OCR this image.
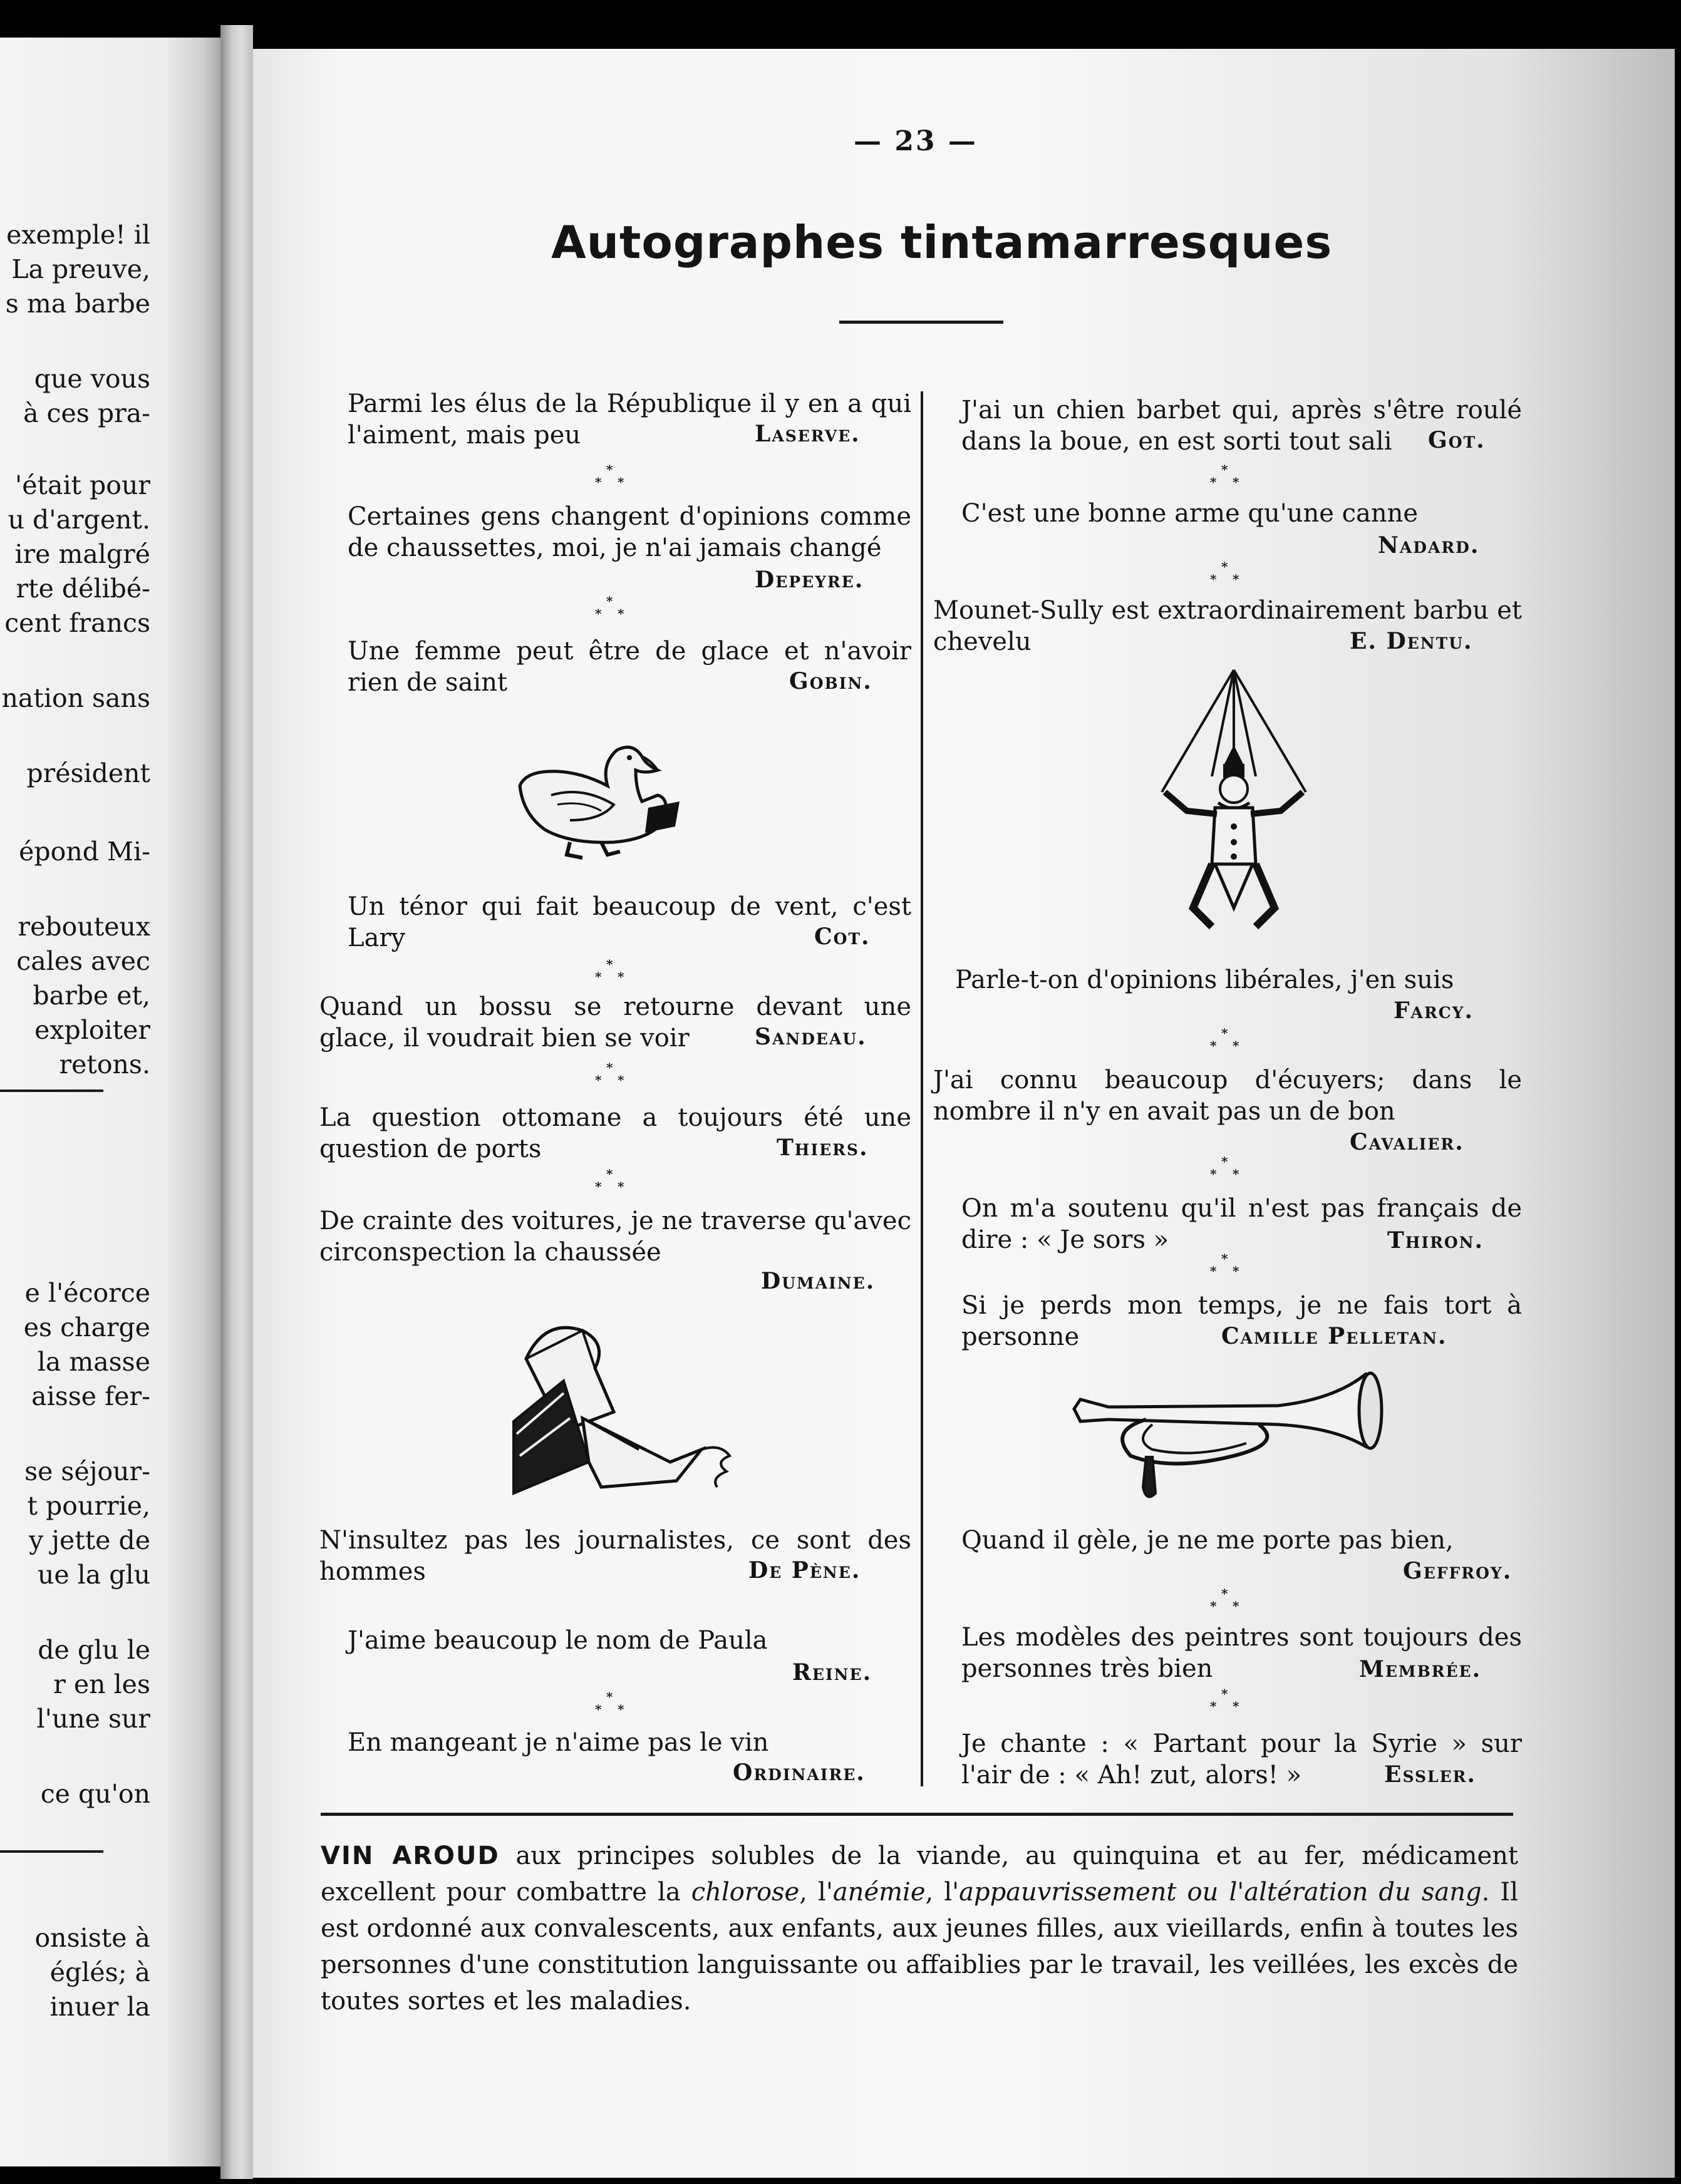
exemple! il
La preuve,
s ma barbe
que vous
à ces pra-
'était pour
u d'argent.
ire malgré
rte délibé-
cent francs
nation sans
président
épond Mi-
rebouteux
cales avec
barbe et,
exploiter
retons.
e l'écorce
es charge
la masse
aisse fer-
se séjour-
t pourrie,
y jette de
ue la glu
de glu le
r en les
l'une sur
ce qu'on
onsiste à
églés; à
inuer la
— 23 —
Autographes tintamarresques
Parmi les élus de la République il y en a qui l'aiment, mais peu	Laserve.
*
* *
Certaines gens changent d'opinions comme de chaussettes, moi, je n'ai jamais changé
Depeyre.
*
* *
Une femme peut être de glace et n'avoir rien de saint	Gobin.
Un ténor qui fait beaucoup de vent, c'est Lary	Cot.
*
* *
Quand un bossu se retourne devant une glace, il voudrait bien se voir	Sandeau.
*
* *
La question ottomane a toujours été une question de ports	Thiers.
*
* *
De crainte des voitures, je ne traverse qu'avec circonspection la chaussée
Dumaine.
N'insultez pas les journalistes, ce sont des hommes	De Pène.
J'aime beaucoup le nom de Paula
Reine.
*
* *
En mangeant je n'aime pas le vin
Ordinaire.
J'ai un chien barbet qui, après s'être roulé dans la boue, en est sorti tout sali	Got.
*
* *
C'est une bonne arme qu'une canne
Nadard.
*
* *
Mounet-Sully est extraordinairement barbu et chevelu	E. Dentu.
Parle-t-on d'opinions libérales, j'en suis
Farcy.
*
* *
J'ai connu beaucoup d'écuyers; dans le nombre il n'y en avait pas un de bon
Cavalier.
*
* *
On m'a soutenu qu'il n'est pas français de dire : « Je sors »	Thiron.
*
* *
Si je perds mon temps, je ne fais tort à personne	Camille Pelletan.
Quand il gèle, je ne me porte pas bien,
Geffroy.
*
* *
Les modèles des peintres sont toujours des personnes très bien	Membrée.
*
* *
Je chante : « Partant pour la Syrie » sur l'air de : « Ah! zut, alors! »	Essler.
VIN AROUD aux principes solubles de la viande, au quinquina et au fer, médicament excellent pour combattre la chlorose, l'anémie, l'appauvrissement ou l'altération du sang. Il est ordonné aux convalescents, aux enfants, aux jeunes filles, aux vieillards, enfin à toutes les personnes d'une constitution languissante ou affaiblies par le travail, les veillées, les excès de toutes sortes et les maladies.
